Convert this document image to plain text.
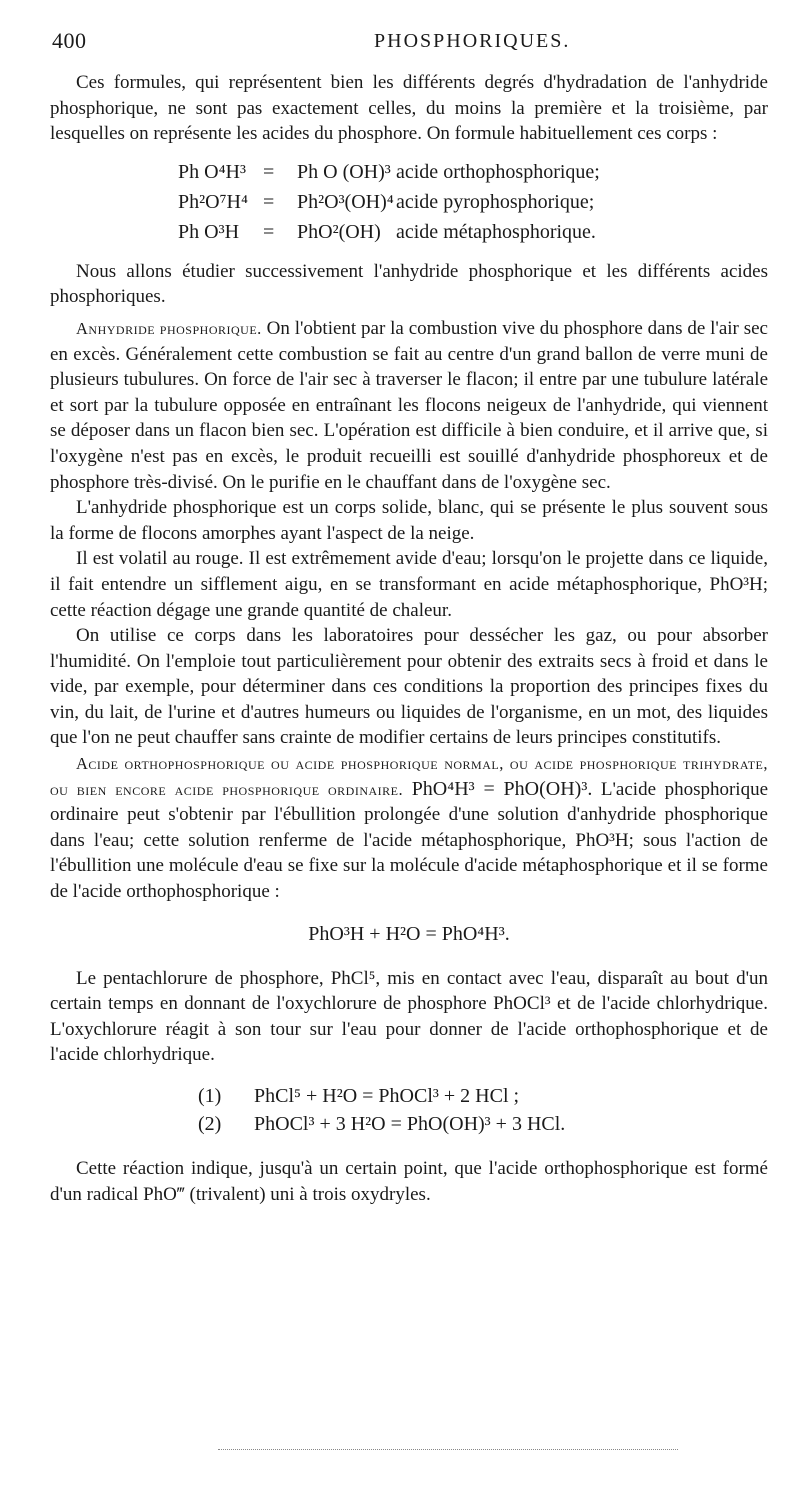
400	PHOSPHORIQUES.

Ces formules, qui représentent bien les différents degrés d'hydradation de l'anhydride phosphorique, ne sont pas exactement celles, du moins la première et la troisième, par lesquelles on représente les acides du phosphore. On formule habituellement ces corps :

Ph O⁴H³ =	Ph O (OH)³ acide orthophosphorique;
Ph²O⁷H⁴ =	Ph²O³(OH)⁴ acide pyrophosphorique;
Ph O³H	=	PhO²(OH) acide métaphosphorique.

Nous allons étudier successivement l'anhydride phosphorique et les différents acides phosphoriques.

Anhydride phosphorique. On l'obtient par la combustion vive du phosphore dans de l'air sec en excès. Généralement cette combustion se fait au centre d'un grand ballon de verre muni de plusieurs tubulures. On force de l'air sec à traverser le flacon; il entre par une tubulure latérale et sort par la tubulure opposée en entraînant les flocons neigeux de l'anhydride, qui viennent se déposer dans un flacon bien sec. L'opération est difficile à bien conduire, et il arrive que, si l'oxygène n'est pas en excès, le produit recueilli est souillé d'anhydride phosphoreux et de phosphore très-divisé. On le purifie en le chauffant dans de l'oxygène sec.

L'anhydride phosphorique est un corps solide, blanc, qui se présente le plus souvent sous la forme de flocons amorphes ayant l'aspect de la neige.

Il est volatil au rouge. Il est extrêmement avide d'eau; lorsqu'on le projette dans ce liquide, il fait entendre un sifflement aigu, en se transformant en acide métaphosphorique, PhO³H; cette réaction dégage une grande quantité de chaleur.

On utilise ce corps dans les laboratoires pour dessécher les gaz, ou pour absorber l'humidité. On l'emploie tout particulièrement pour obtenir des extraits secs à froid et dans le vide, par exemple, pour déterminer dans ces conditions la proportion des principes fixes du vin, du lait, de l'urine et d'autres humeurs ou liquides de l'organisme, en un mot, des liquides que l'on ne peut chauffer sans crainte de modifier certains de leurs principes constitutifs.

Acide orthophosphorique ou acide phosphorique normal, ou acide phosphorique trihydrate, ou bien encore acide phosphorique ordinaire. PhO⁴H³ = PhO(OH)³. L'acide phosphorique ordinaire peut s'obtenir par l'ébullition prolongée d'une solution d'anhydride phosphorique dans l'eau; cette solution renferme de l'acide métaphosphorique, PhO³H; sous l'action de l'ébullition une molécule d'eau se fixe sur la molécule d'acide métaphosphorique et il se forme de l'acide orthophosphorique :

PhO³H + H²O = PhO⁴H³.

Le pentachlorure de phosphore, PhCl⁵, mis en contact avec l'eau, disparaît au bout d'un certain temps en donnant de l'oxychlorure de phosphore PhOCl³ et de l'acide chlorhydrique. L'oxychlorure réagit à son tour sur l'eau pour donner de l'acide orthophosphorique et de l'acide chlorhydrique.

(1)	PhCl⁵ + H²O = PhOCl³ + 2 HCl ;
(2)	PhOCl³ + 3 H²O = PhO(OH)³ + 3 HCl.

Cette réaction indique, jusqu'à un certain point, que l'acide orthophosphorique est formé d'un radical PhO‴ (trivalent) uni à trois oxydryles.
